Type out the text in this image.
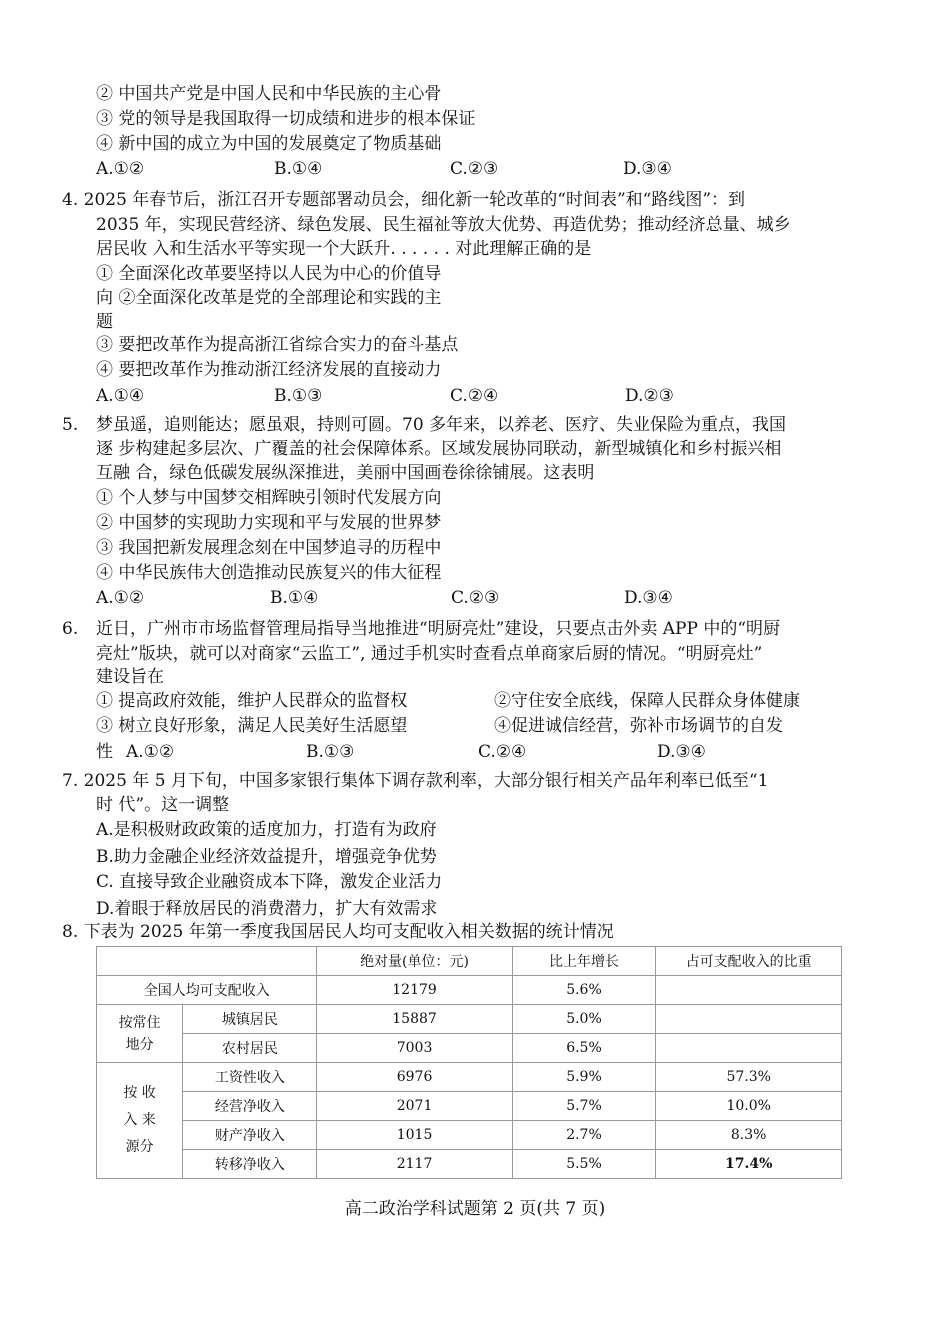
② 中国共产党是中国人民和中华民族的主心骨
③ 党的领导是我国取得一切成绩和进步的根本保证
④ 新中国的成立为中国的发展奠定了物质基础
A.①②	B.①④	C.②③	D.③④
4. 2025 年春节后，浙江召开专题部署动员会，细化新一轮改革的“时间表”和“路线图”：到
2035 年，实现民营经济、绿色发展、民生福祉等放大优势、再造优势；推动经济总量、城乡
居民收 入和生活水平等实现一个大跃升. . . . . . 对此理解正确的是
① 全面深化改革要坚持以人民为中心的价值导
向 ②全面深化改革是党的全部理论和实践的主
题
③ 要把改革作为提高浙江省综合实力的奋斗基点
④ 要把改革作为推动浙江经济发展的直接动力
A.①④	B.①③	C.②④	D.②③
5. 梦虽遥，追则能达；愿虽艰，持则可圆。70 多年来，以养老、医疗、失业保险为重点，我国
逐 步构建起多层次、广覆盖的社会保障体系。区域发展协同联动，新型城镇化和乡村振兴相
互融 合，绿色低碳发展纵深推进，美丽中国画卷徐徐铺展。这表明
① 个人梦与中国梦交相辉映引领时代发展方向
② 中国梦的实现助力实现和平与发展的世界梦
③ 我国把新发展理念刻在中国梦追寻的历程中
④ 中华民族伟大创造推动民族复兴的伟大征程
A.①②	B.①④	C.②③	D.③④
6. 近日，广州市市场监督管理局指导当地推进“明厨亮灶”建设，只要点击外卖 APP 中的“明厨
亮灶”版块，就可以对商家“云监工”, 通过手机实时查看点单商家后厨的情况。“明厨亮灶”
建设旨在
① 提高政府效能，维护人民群众的监督权	②守住安全底线，保障人民群众身体健康
③ 树立良好形象，满足人民美好生活愿望	④促进诚信经营，弥补市场调节的自发
性 A.①②	B.①③	C.②④	D.③④
7. 2025 年 5 月下旬，中国多家银行集体下调存款利率，大部分银行相关产品年利率已低至“1
时 代”。这一调整
A.是积极财政政策的适度加力，打造有为政府
B.助力金融企业经济效益提升，增强竞争优势
C. 直接导致企业融资成本下降，激发企业活力
D.着眼于释放居民的消费潜力，扩大有效需求
8. 下表为 2025 年第一季度我国居民人均可支配收入相关数据的统计情况
		绝对量(单位：元)	比上年增长	占可支配收入的比重
全国人均可支配收入		12179	5.6%	

按常住
地分	城镇居民	15887	5.0%	
	农村居民	7003	6.5%	

按 收
入 来
源分	工资性收入	6976	5.9%	57.3%
	经营净收入	2071	5.7%	10.0%
	财产净收入	1015	2.7%	8.3%
	转移净收入	2117	5.5%	17.4%
高二政治学科试题第 2 页(共 7 页)
